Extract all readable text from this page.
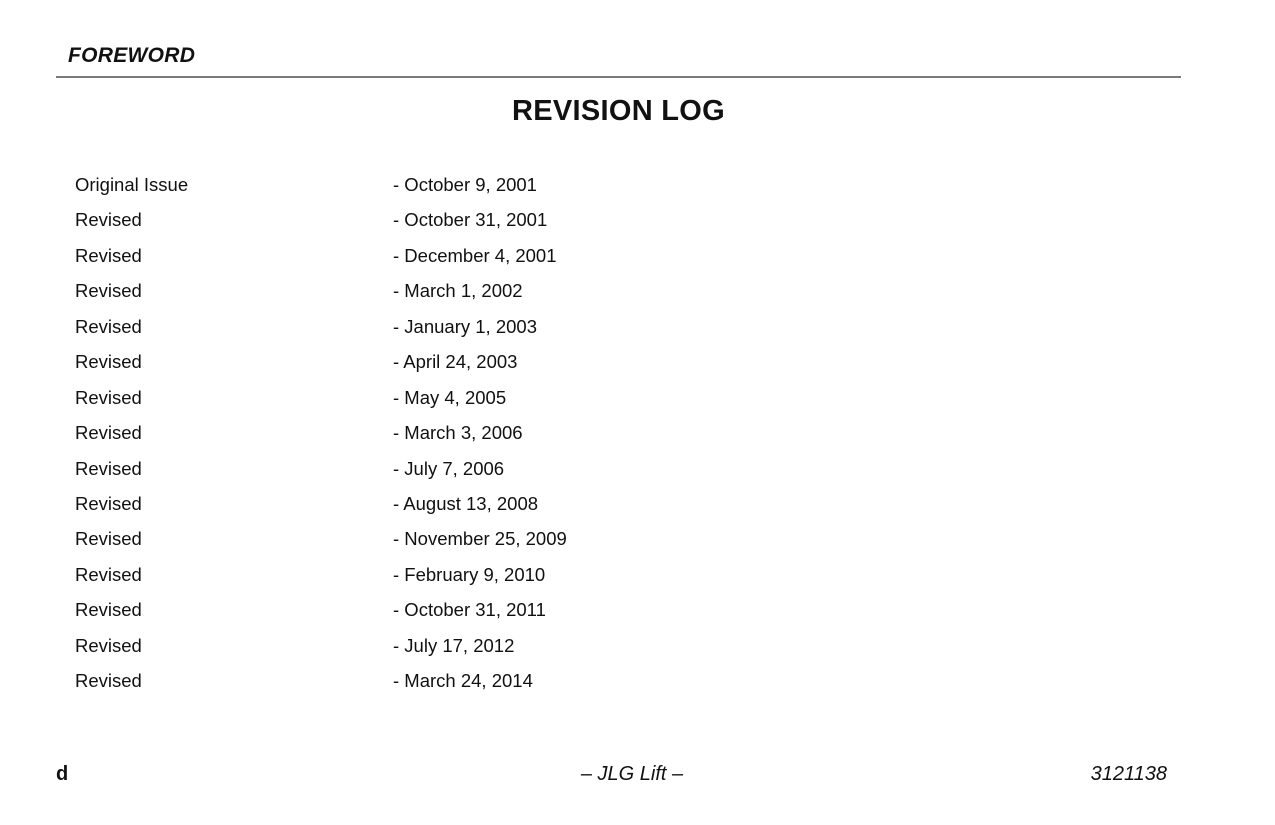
FOREWORD
REVISION LOG
Original Issue	- October 9, 2001
Revised	- October 31, 2001
Revised	- December 4, 2001
Revised	- March 1, 2002
Revised	- January 1, 2003
Revised	- April 24, 2003
Revised	- May 4, 2005
Revised	- March 3, 2006
Revised	- July 7, 2006
Revised	- August 13, 2008
Revised	- November 25, 2009
Revised	- February 9, 2010
Revised	- October 31, 2011
Revised	- July 17, 2012
Revised	- March 24, 2014
d	– JLG Lift –	3121138
